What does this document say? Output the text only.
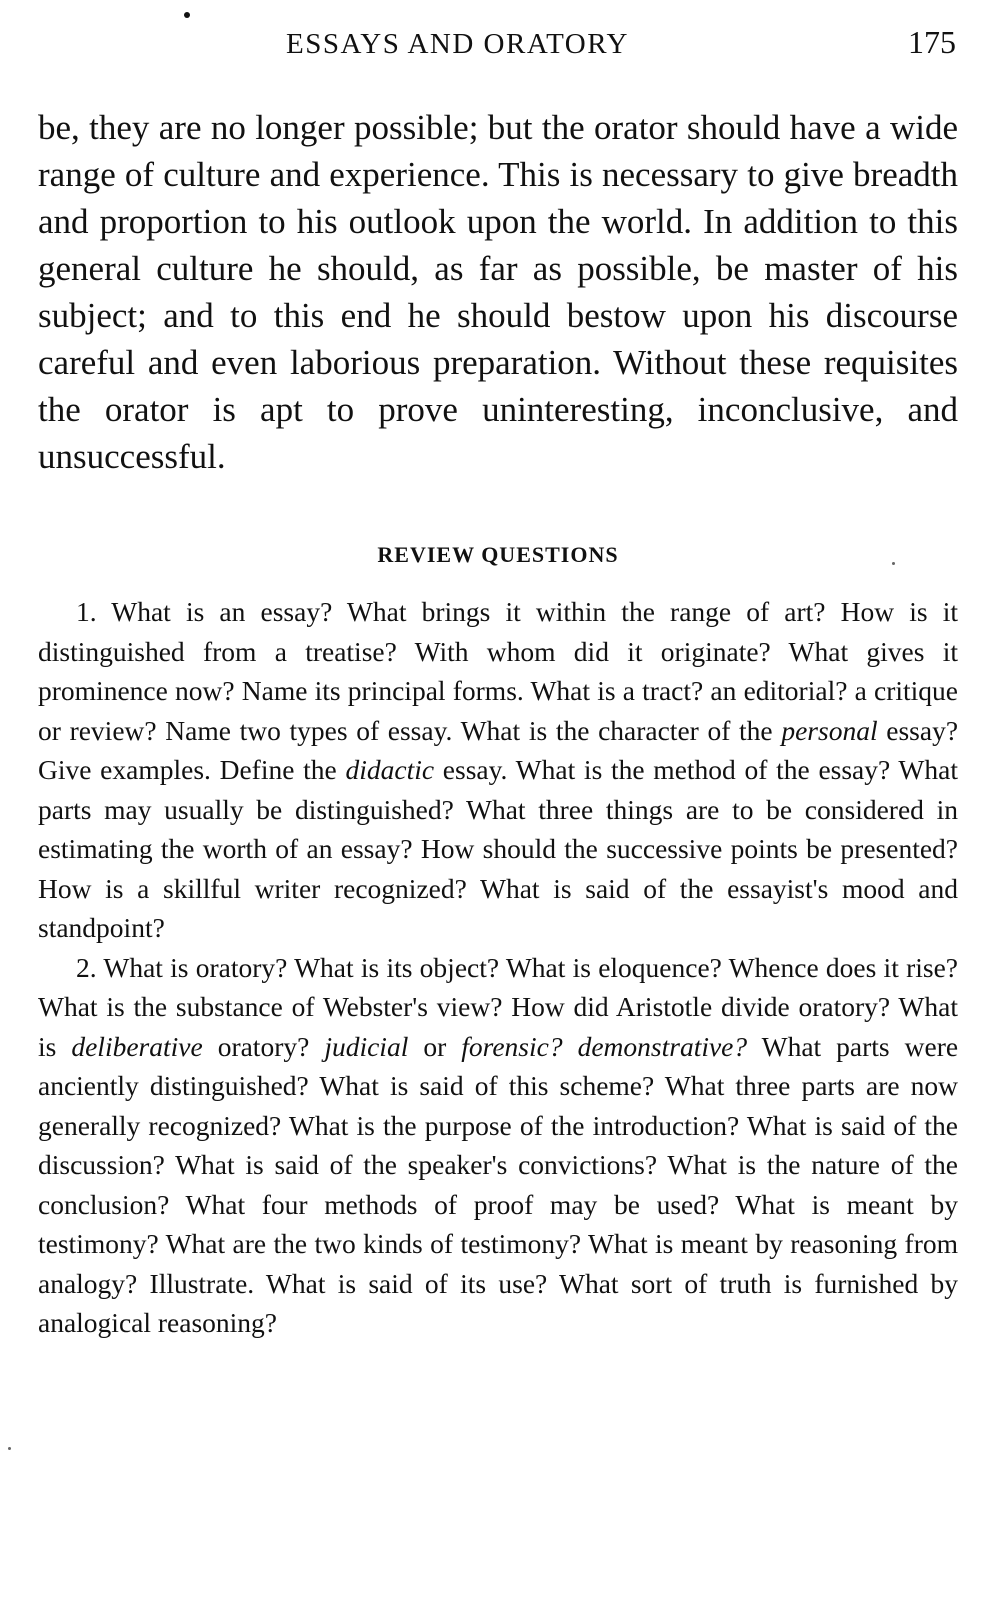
ESSAYS AND ORATORY	175

be, they are no longer possible; but the orator should have a wide range of culture and experience. This is necessary to give breadth and proportion to his outlook upon the world. In addition to this general culture he should, as far as possible, be master of his subject; and to this end he should bestow upon his discourse careful and even laborious preparation. Without these requisites the orator is apt to prove uninteresting, inconclusive, and unsuccessful.

REVIEW QUESTIONS

1. What is an essay? What brings it within the range of art? How is it distinguished from a treatise? With whom did it originate? What gives it prominence now? Name its principal forms. What is a tract? an editorial? a critique or review? Name two types of essay. What is the character of the personal essay? Give examples. Define the didactic essay. What is the method of the essay? What parts may usually be distinguished? What three things are to be considered in estimating the worth of an essay? How should the successive points be presented? How is a skillful writer recognized? What is said of the essayist's mood and standpoint?

2. What is oratory? What is its object? What is eloquence? Whence does it rise? What is the substance of Webster's view? How did Aristotle divide oratory? What is deliberative oratory? judicial or forensic? demonstrative? What parts were anciently distinguished? What is said of this scheme? What three parts are now generally recognized? What is the purpose of the introduction? What is said of the discussion? What is said of the speaker's convictions? What is the nature of the conclusion? What four methods of proof may be used? What is meant by testimony? What are the two kinds of testimony? What is meant by reasoning from analogy? Illustrate. What is said of its use? What sort of truth is furnished by analogical reasoning?
